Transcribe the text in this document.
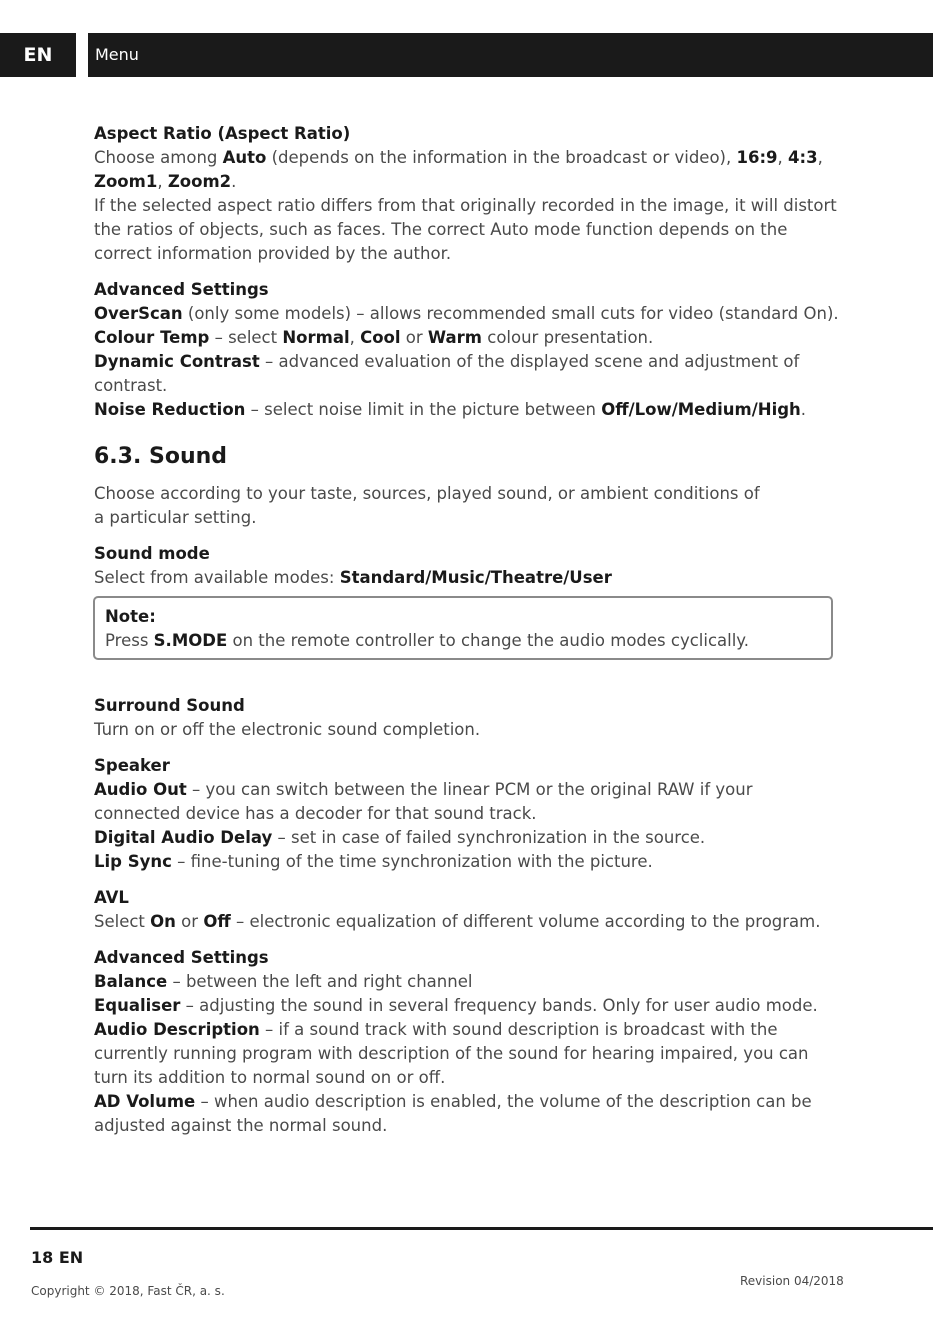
EN	Menu
Aspect Ratio (Aspect Ratio)

Choose among Auto (depends on the information in the broadcast or video), 16:9, 4:3, Zoom1, Zoom2.

If the selected aspect ratio differs from that originally recorded in the image, it will distort the ratios of objects, such as faces. The correct Auto mode function depends on the correct information provided by the author.

Advanced Settings

OverScan (only some models) – allows recommended small cuts for video (standard On).

Colour Temp – select Normal, Cool or Warm colour presentation.

Dynamic Contrast – advanced evaluation of the displayed scene and adjustment of contrast.

Noise Reduction – select noise limit in the picture between Off/Low/Medium/High.

6.3. Sound

Choose according to your taste, sources, played sound, or ambient conditions of a particular setting.

Sound mode

Select from available modes: Standard/Music/Theatre/User

Note:

Press S.MODE on the remote controller to change the audio modes cyclically.

Surround Sound

Turn on or off the electronic sound completion.

Speaker

Audio Out – you can switch between the linear PCM or the original RAW if your connected device has a decoder for that sound track.

Digital Audio Delay – set in case of failed synchronization in the source.

Lip Sync – fine-tuning of the time synchronization with the picture.

AVL

Select On or Off – electronic equalization of different volume according to the program.

Advanced Settings

Balance – between the left and right channel

Equaliser – adjusting the sound in several frequency bands. Only for user audio mode.

Audio Description – if a sound track with sound description is broadcast with the currently running program with description of the sound for hearing impaired, you can turn its addition to normal sound on or off.

AD Volume – when audio description is enabled, the volume of the description can be adjusted against the normal sound.

18 EN
Copyright © 2018, Fast ČR, a. s.
Revision 04/2018
